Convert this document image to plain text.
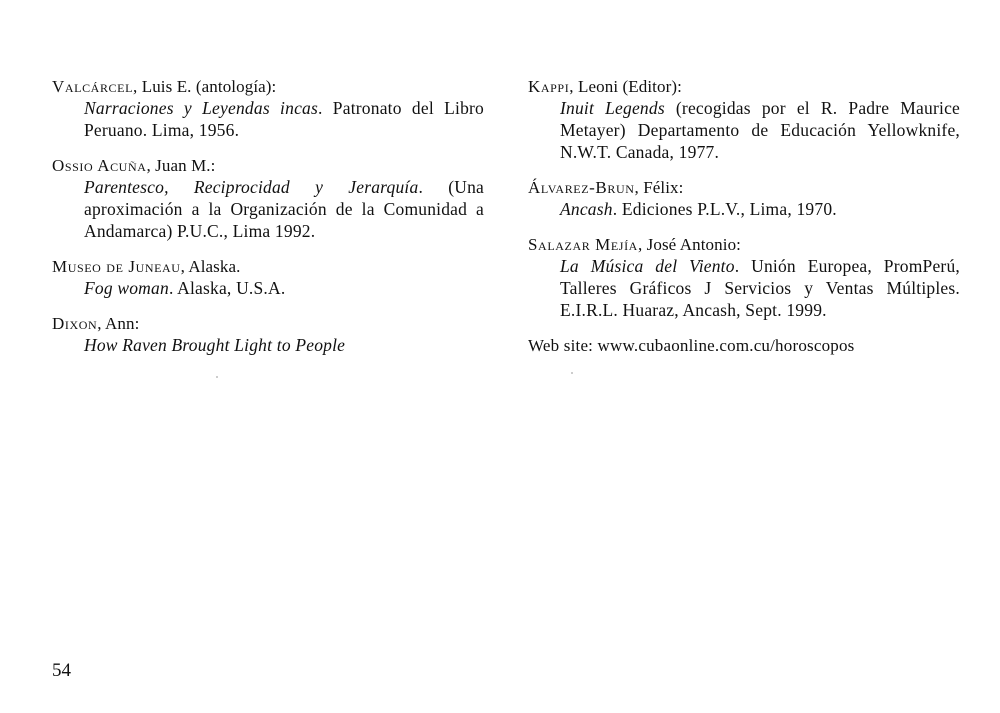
Valcárcel, Luis E. (antología):
Narraciones y Leyendas incas. Patronato del Libro Peruano. Lima, 1956.
Ossio Acuña, Juan M.:
Parentesco, Reciprocidad y Jerarquía. (Una aproximación a la Organización de la Comunidad a Andamarca) P.U.C., Lima 1992.
Museo de Juneau, Alaska.
Fog woman. Alaska, U.S.A.
Dixon, Ann:
How Raven Brought Light to People
Kappi, Leoni (Editor):
Inuit Legends (recogidas por el R. Padre Maurice Metayer) Departamento de Educación Yellowknife, N.W.T. Canada, 1977.
Álvarez-Brun, Félix:
Ancash. Ediciones P.L.V., Lima, 1970.
Salazar Mejía, José Antonio:
La Música del Viento. Unión Europea, PromPerú, Talleres Gráficos J Servicios y Ventas Múltiples. E.I.R.L. Huaraz, Ancash, Sept. 1999.
Web site: www.cubaonline.com.cu/horoscopos
54
